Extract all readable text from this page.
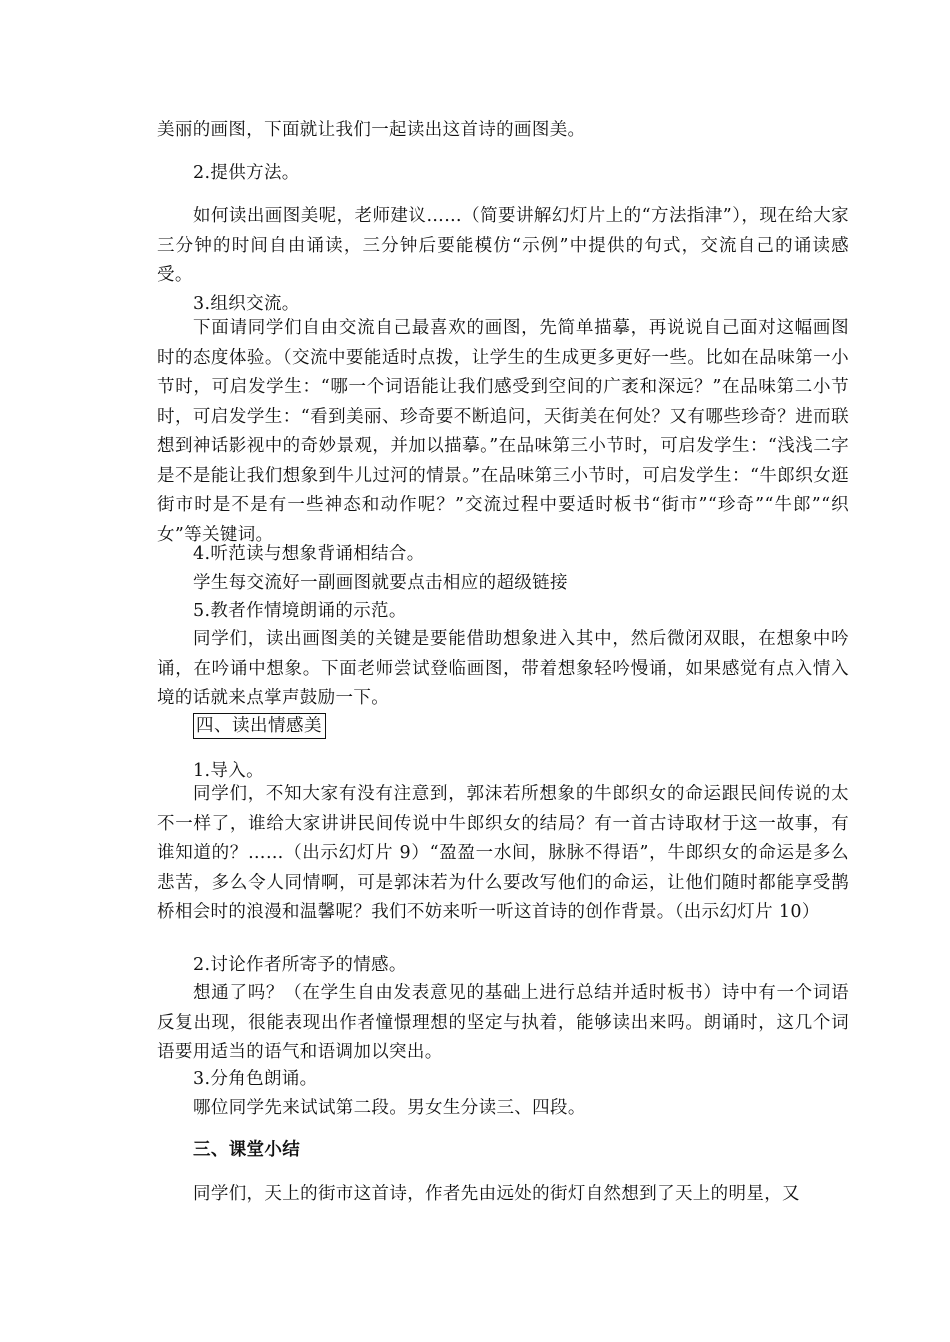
美丽的画图，下面就让我们一起读出这首诗的画图美。

2.提供方法。

如何读出画图美呢，老师建议……（简要讲解幻灯片上的“方法指津”），现在给大家三分钟的时间自由诵读，三分钟后要能模仿“示例”中提供的句式，交流自己的诵读感受。

3.组织交流。

下面请同学们自由交流自己最喜欢的画图，先简单描摹，再说说自己面对这幅画图时的态度体验。（交流中要能适时点拨，让学生的生成更多更好一些。比如在品味第一小节时，可启发学生：“哪一个词语能让我们感受到空间的广袤和深远？”在品味第二小节时，可启发学生：“看到美丽、珍奇要不断追问，天街美在何处？又有哪些珍奇？进而联想到神话影视中的奇妙景观，并加以描摹。”在品味第三小节时，可启发学生：“浅浅二字是不是能让我们想象到牛儿过河的情景。”在品味第三小节时，可启发学生：“牛郎织女逛街市时是不是有一些神态和动作呢？”交流过程中要适时板书“街市”“珍奇”“牛郎”“织女”等关键词。

4.听范读与想象背诵相结合。

学生每交流好一副画图就要点击相应的超级链接

5.教者作情境朗诵的示范。

同学们，读出画图美的关键是要能借助想象进入其中，然后微闭双眼，在想象中吟诵，在吟诵中想象。下面老师尝试登临画图，带着想象轻吟慢诵，如果感觉有点入情入境的话就来点掌声鼓励一下。

四、读出情感美

1.导入。

同学们，不知大家有没有注意到，郭沫若所想象的牛郎织女的命运跟民间传说的太不一样了，谁给大家讲讲民间传说中牛郎织女的结局？有一首古诗取材于这一故事，有谁知道的？……（出示幻灯片 9）“盈盈一水间，脉脉不得语”，牛郎织女的命运是多么悲苦，多么令人同情啊，可是郭沫若为什么要改写他们的命运，让他们随时都能享受鹊桥相会时的浪漫和温馨呢？我们不妨来听一听这首诗的创作背景。（出示幻灯片 10）

2.讨论作者所寄予的情感。

想通了吗？（在学生自由发表意见的基础上进行总结并适时板书）诗中有一个词语反复出现，很能表现出作者憧憬理想的坚定与执着，能够读出来吗。朗诵时，这几个词语要用适当的语气和语调加以突出。

3.分角色朗诵。

哪位同学先来试试第二段。男女生分读三、四段。

三、课堂小结

同学们，天上的街市这首诗，作者先由远处的街灯自然想到了天上的明星，又
